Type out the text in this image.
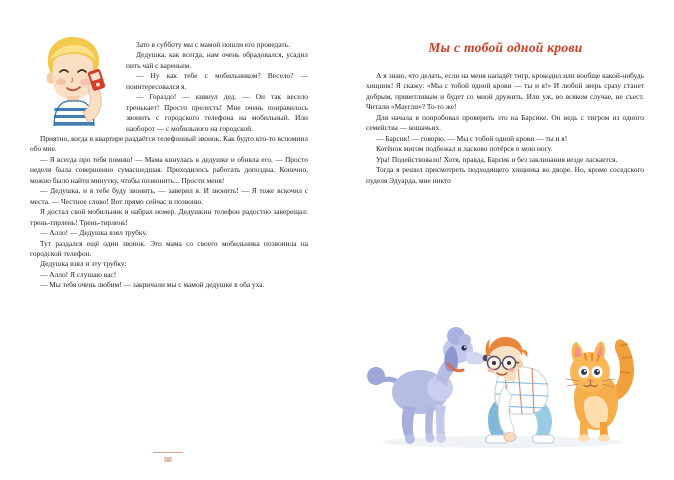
Зато в субботу мы с мамой пошли его проведать.

Дедушка, как всегда, нам очень обрадовался, усадил пить чай с вареньем.

— Ну как тебе с мобильником? Весело? — поинтересовался я.

— Гораздо! — кивнул дед. — Он так весело тренькает! Просто прелесть! Мне очень понравилось звонить с городского телефона на мобильный. Или наоборот — с мобильного на городской.

Приятно, когда в квартире раздаётся телефонный звонок. Как будто кто-то вспомнил обо мне.

— Я всегда про тебя помню! — Мама кинулась к дедушке и обняла его. — Просто неделя была совершенно сумасшедшая. Приходилось работать допоздна. Конечно, можно было найти минутку, чтобы позвонить... Прости меня!

— Дедушка, и я тебе буду звонить, — заверил я. И звонить! — Я тоже вскочил с места. — Честное слово! Вот прямо сейчас и позвоню.

Я достал свой мобильник и набрал номер. Дедушкин телефон радостно заверещал: трень-тирлень! Трень-тирлень!

— Алло! — Дедушка взял трубку.

Тут раздался ещё один звонок. Это мама со своего мобильника позвонила на городской телефон.

Дедушка взял и эту трубку:

— Алло! Я слушаю вас!

— Мы тебя очень любим! — закричали мы с мамой дедушке в оба уха.

88
Мы с тобой одной крови

А я знаю, что делать, если на меня нападёт тигр, крокодил или вообще какой-нибудь хищник! Я скажу: «Мы с тобой одной крови — ты и я!» И любой зверь сразу станет добрым, приветливым и будет со мной дружить. Или уж, во всяком случае, не съест. Читали «Маугли»? То-то же!

Для начала я попробовал проверить это на Барсике. Он ведь с тигром из одного семейства — кошачьих.

— Барсик! — говорю. — Мы с тобой одной крови — ты и я!

Котёнок мигом подбежал и ласково потёрся о мою ногу.

Ура! Подействовало! Хотя, правда, Барсик и без заклинания везде ласкается.

Тогда я решил присмотреть подходящего хищника во дворе. Но, кроме соседского пуделя Эдуарда, мне никто
